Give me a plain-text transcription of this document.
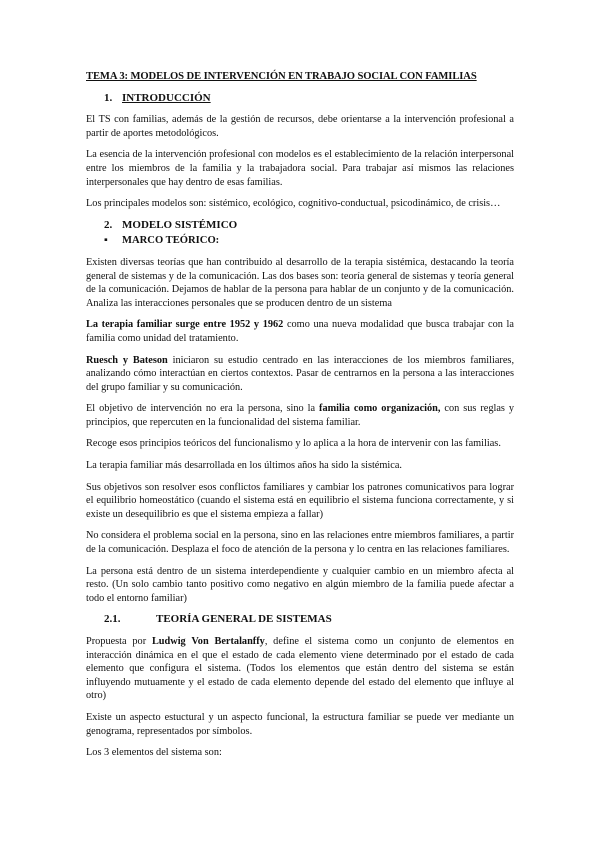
TEMA 3: MODELOS DE INTERVENCIÓN EN TRABAJO SOCIAL CON FAMILIAS
1. INTRODUCCIÓN

El TS con familias, además de la gestión de recursos, debe orientarse a la intervención profesional a partir de aportes metodológicos.

La esencia de la intervención profesional con modelos es el establecimiento de la relación interpersonal entre los miembros de la familia y la trabajadora social. Para trabajar así mismos las relaciones interpersonales que hay dentro de esas familias.

Los principales modelos son: sistémico, ecológico, cognitivo-conductual, psicodinámico, de crisis…

2. MODELO SISTÉMICO
▪	MARCO TEÓRICO:

Existen diversas teorías que han contribuido al desarrollo de la terapia sistémica, destacando la teoría general de sistemas y de la comunicación. Las dos bases son: teoría general de sistemas y teoría general de la comunicación. Dejamos de hablar de la persona para hablar de un conjunto y de la comunicación. Analiza las interacciones personales que se producen dentro de un sistema

La terapia familiar surge entre 1952 y 1962 como una nueva modalidad que busca trabajar con la familia como unidad del tratamiento.

Ruesch y Bateson iniciaron su estudio centrado en las interacciones de los miembros familiares, analizando cómo interactúan en ciertos contextos. Pasar de centrarnos en la persona a las interacciones del grupo familiar y su comunicación.

El objetivo de intervención no era la persona, sino la familia como organización, con sus reglas y principios, que repercuten en la funcionalidad del sistema familiar.

Recoge esos principios teóricos del funcionalismo y lo aplica a la hora de intervenir con las familias.

La terapia familiar más desarrollada en los últimos años ha sido la sistémica.

Sus objetivos son resolver esos conflictos familiares y cambiar los patrones comunicativos para lograr el equilibrio homeostático (cuando el sistema está en equilibrio el sistema funciona correctamente, y si existe un desequilibrio es que el sistema empieza a fallar)

No considera el problema social en la persona, sino en las relaciones entre miembros familiares, a partir de la comunicación. Desplaza el foco de atención de la persona y lo centra en las relaciones familiares.

La persona está dentro de un sistema interdependiente y cualquier cambio en un miembro afecta al resto. (Un solo cambio tanto positivo como negativo en algún miembro de la familia puede afectar a todo el entorno familiar)

2.1.	TEORÍA GENERAL DE SISTEMAS

Propuesta por Ludwig Von Bertalanffy, define el sistema como un conjunto de elementos en interacción dinámica en el que el estado de cada elemento viene determinado por el estado de cada elemento que configura el sistema. (Todos los elementos que están dentro del sistema se están influyendo mutuamente y el estado de cada elemento depende del estado del elemento que influye al otro)

Existe un aspecto estuctural y un aspecto funcional, la estructura familiar se puede ver mediante un genograma, representados por símbolos.

Los 3 elementos del sistema son:
